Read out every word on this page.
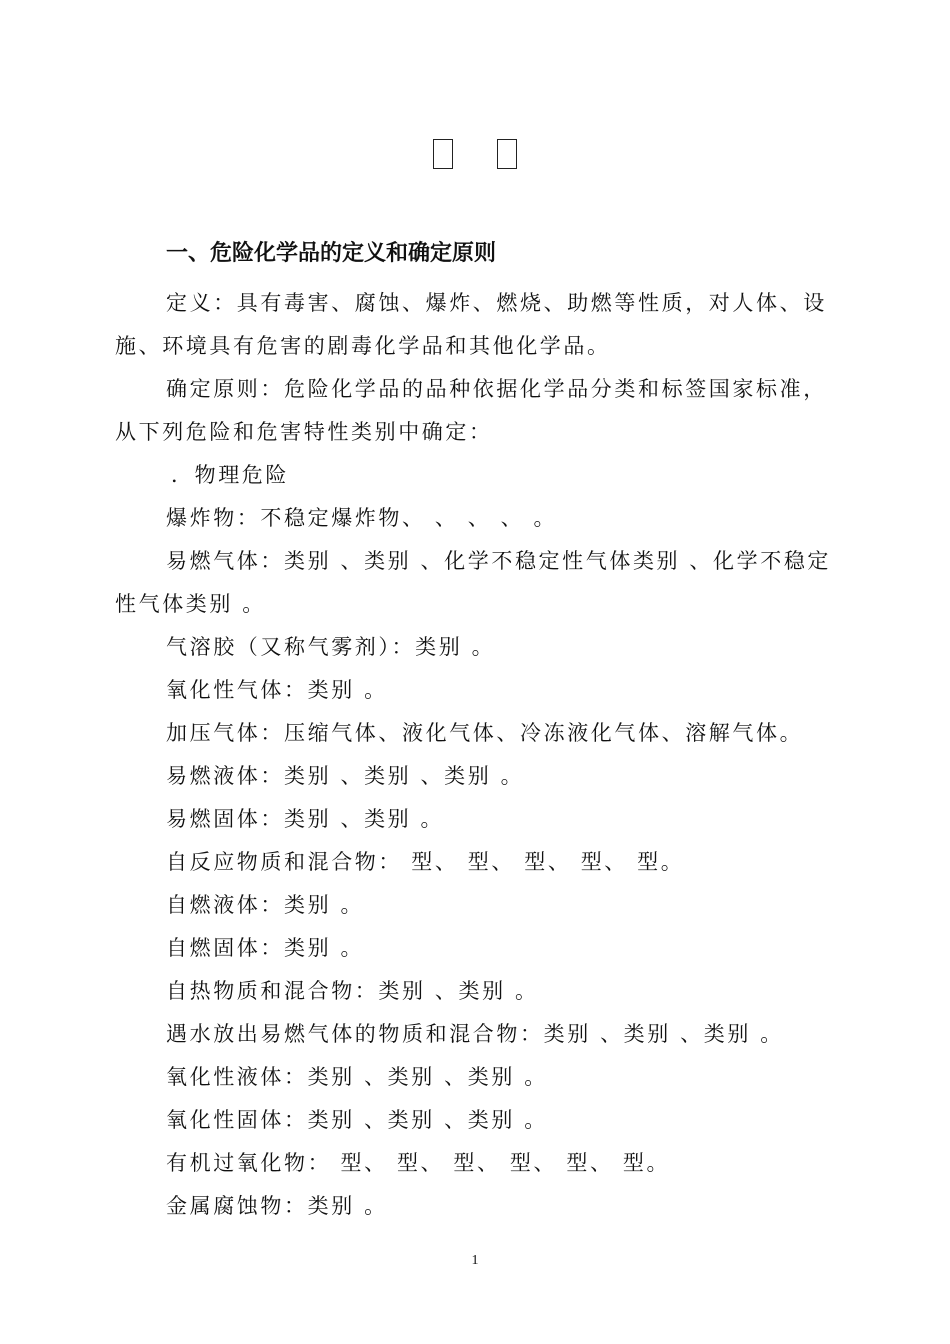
一、危险化学品的定义和确定原则

定义：具有毒害、腐蚀、爆炸、燃烧、助燃等性质，对人体、设施、环境具有危害的剧毒化学品和其他化学品。

确定原则：危险化学品的品种依据化学品分类和标签国家标准，从下列危险和危害特性类别中确定：

．物理危险

爆炸物：不稳定爆炸物、 、 、 、 。

易燃气体：类别 、类别 、化学不稳定性气体类别 、化学不稳定性气体类别 。

气溶胶（又称气雾剂）：类别 。

氧化性气体：类别 。

加压气体：压缩气体、液化气体、冷冻液化气体、溶解气体。

易燃液体：类别 、类别 、类别 。

易燃固体：类别 、类别 。

自反应物质和混合物： 型、 型、 型、 型、 型。

自燃液体：类别 。

自燃固体：类别 。

自热物质和混合物：类别 、类别 。

遇水放出易燃气体的物质和混合物：类别 、类别 、类别 。

氧化性液体：类别 、类别 、类别 。

氧化性固体：类别 、类别 、类别 。

有机过氧化物： 型、 型、 型、 型、 型、 型。

金属腐蚀物：类别 。

1
